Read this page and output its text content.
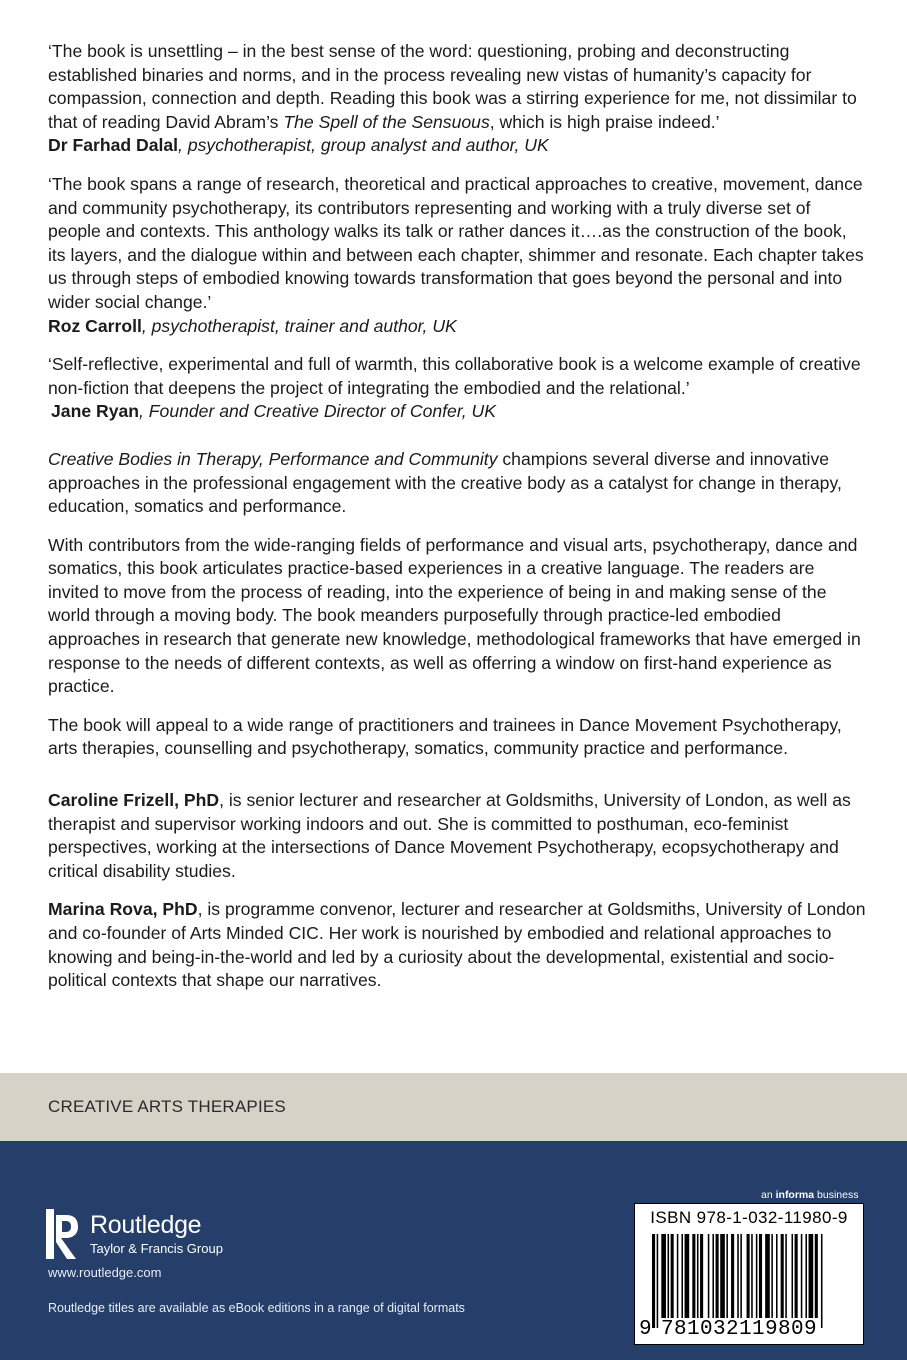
‘The book is unsettling – in the best sense of the word: questioning, probing and deconstructing established binaries and norms, and in the process revealing new vistas of humanity’s capacity for compassion, connection and depth. Reading this book was a stirring experience for me, not dissimilar to that of reading David Abram’s The Spell of the Sensuous, which is high praise indeed.’
Dr Farhad Dalal, psychotherapist, group analyst and author, UK
‘The book spans a range of research, theoretical and practical approaches to creative, movement, dance and community psychotherapy, its contributors representing and working with a truly diverse set of people and contexts. This anthology walks its talk or rather dances it….as the construction of the book, its layers, and the dialogue within and between each chapter, shimmer and resonate. Each chapter takes us through steps of embodied knowing towards transformation that goes beyond the personal and into wider social change.’
Roz Carroll, psychotherapist, trainer and author, UK
‘Self-reflective, experimental and full of warmth, this collaborative book is a welcome example of creative non-fiction that deepens the project of integrating the embodied and the relational.’
Jane Ryan, Founder and Creative Director of Confer, UK
Creative Bodies in Therapy, Performance and Community champions several diverse and innovative approaches in the professional engagement with the creative body as a catalyst for change in therapy, education, somatics and performance.
With contributors from the wide-ranging fields of performance and visual arts, psychotherapy, dance and somatics, this book articulates practice-based experiences in a creative language. The readers are invited to move from the process of reading, into the experience of being in and making sense of the world through a moving body. The book meanders purposefully through practice-led embodied approaches in research that generate new knowledge, methodological frameworks that have emerged in response to the needs of different contexts, as well as offerring a window on first-hand experience as practice.
The book will appeal to a wide range of practitioners and trainees in Dance Movement Psychotherapy, arts therapies, counselling and psychotherapy, somatics, community practice and performance.
Caroline Frizell, PhD, is senior lecturer and researcher at Goldsmiths, University of London, as well as therapist and supervisor working indoors and out. She is committed to posthuman, eco-feminist perspectives, working at the intersections of Dance Movement Psychotherapy, ecopsychotherapy and critical disability studies.
Marina Rova, PhD, is programme convenor, lecturer and researcher at Goldsmiths, University of London and co-founder of Arts Minded CIC. Her work is nourished by embodied and relational approaches to knowing and being-in-the-world and led by a curiosity about the developmental, existential and socio-political contexts that shape our narratives.
CREATIVE ARTS THERAPIES
Routledge
Taylor & Francis Group
www.routledge.com
Routledge titles are available as eBook editions in a range of digital formats
an informa business
ISBN 978-1-032-11980-9
9 781032119809
